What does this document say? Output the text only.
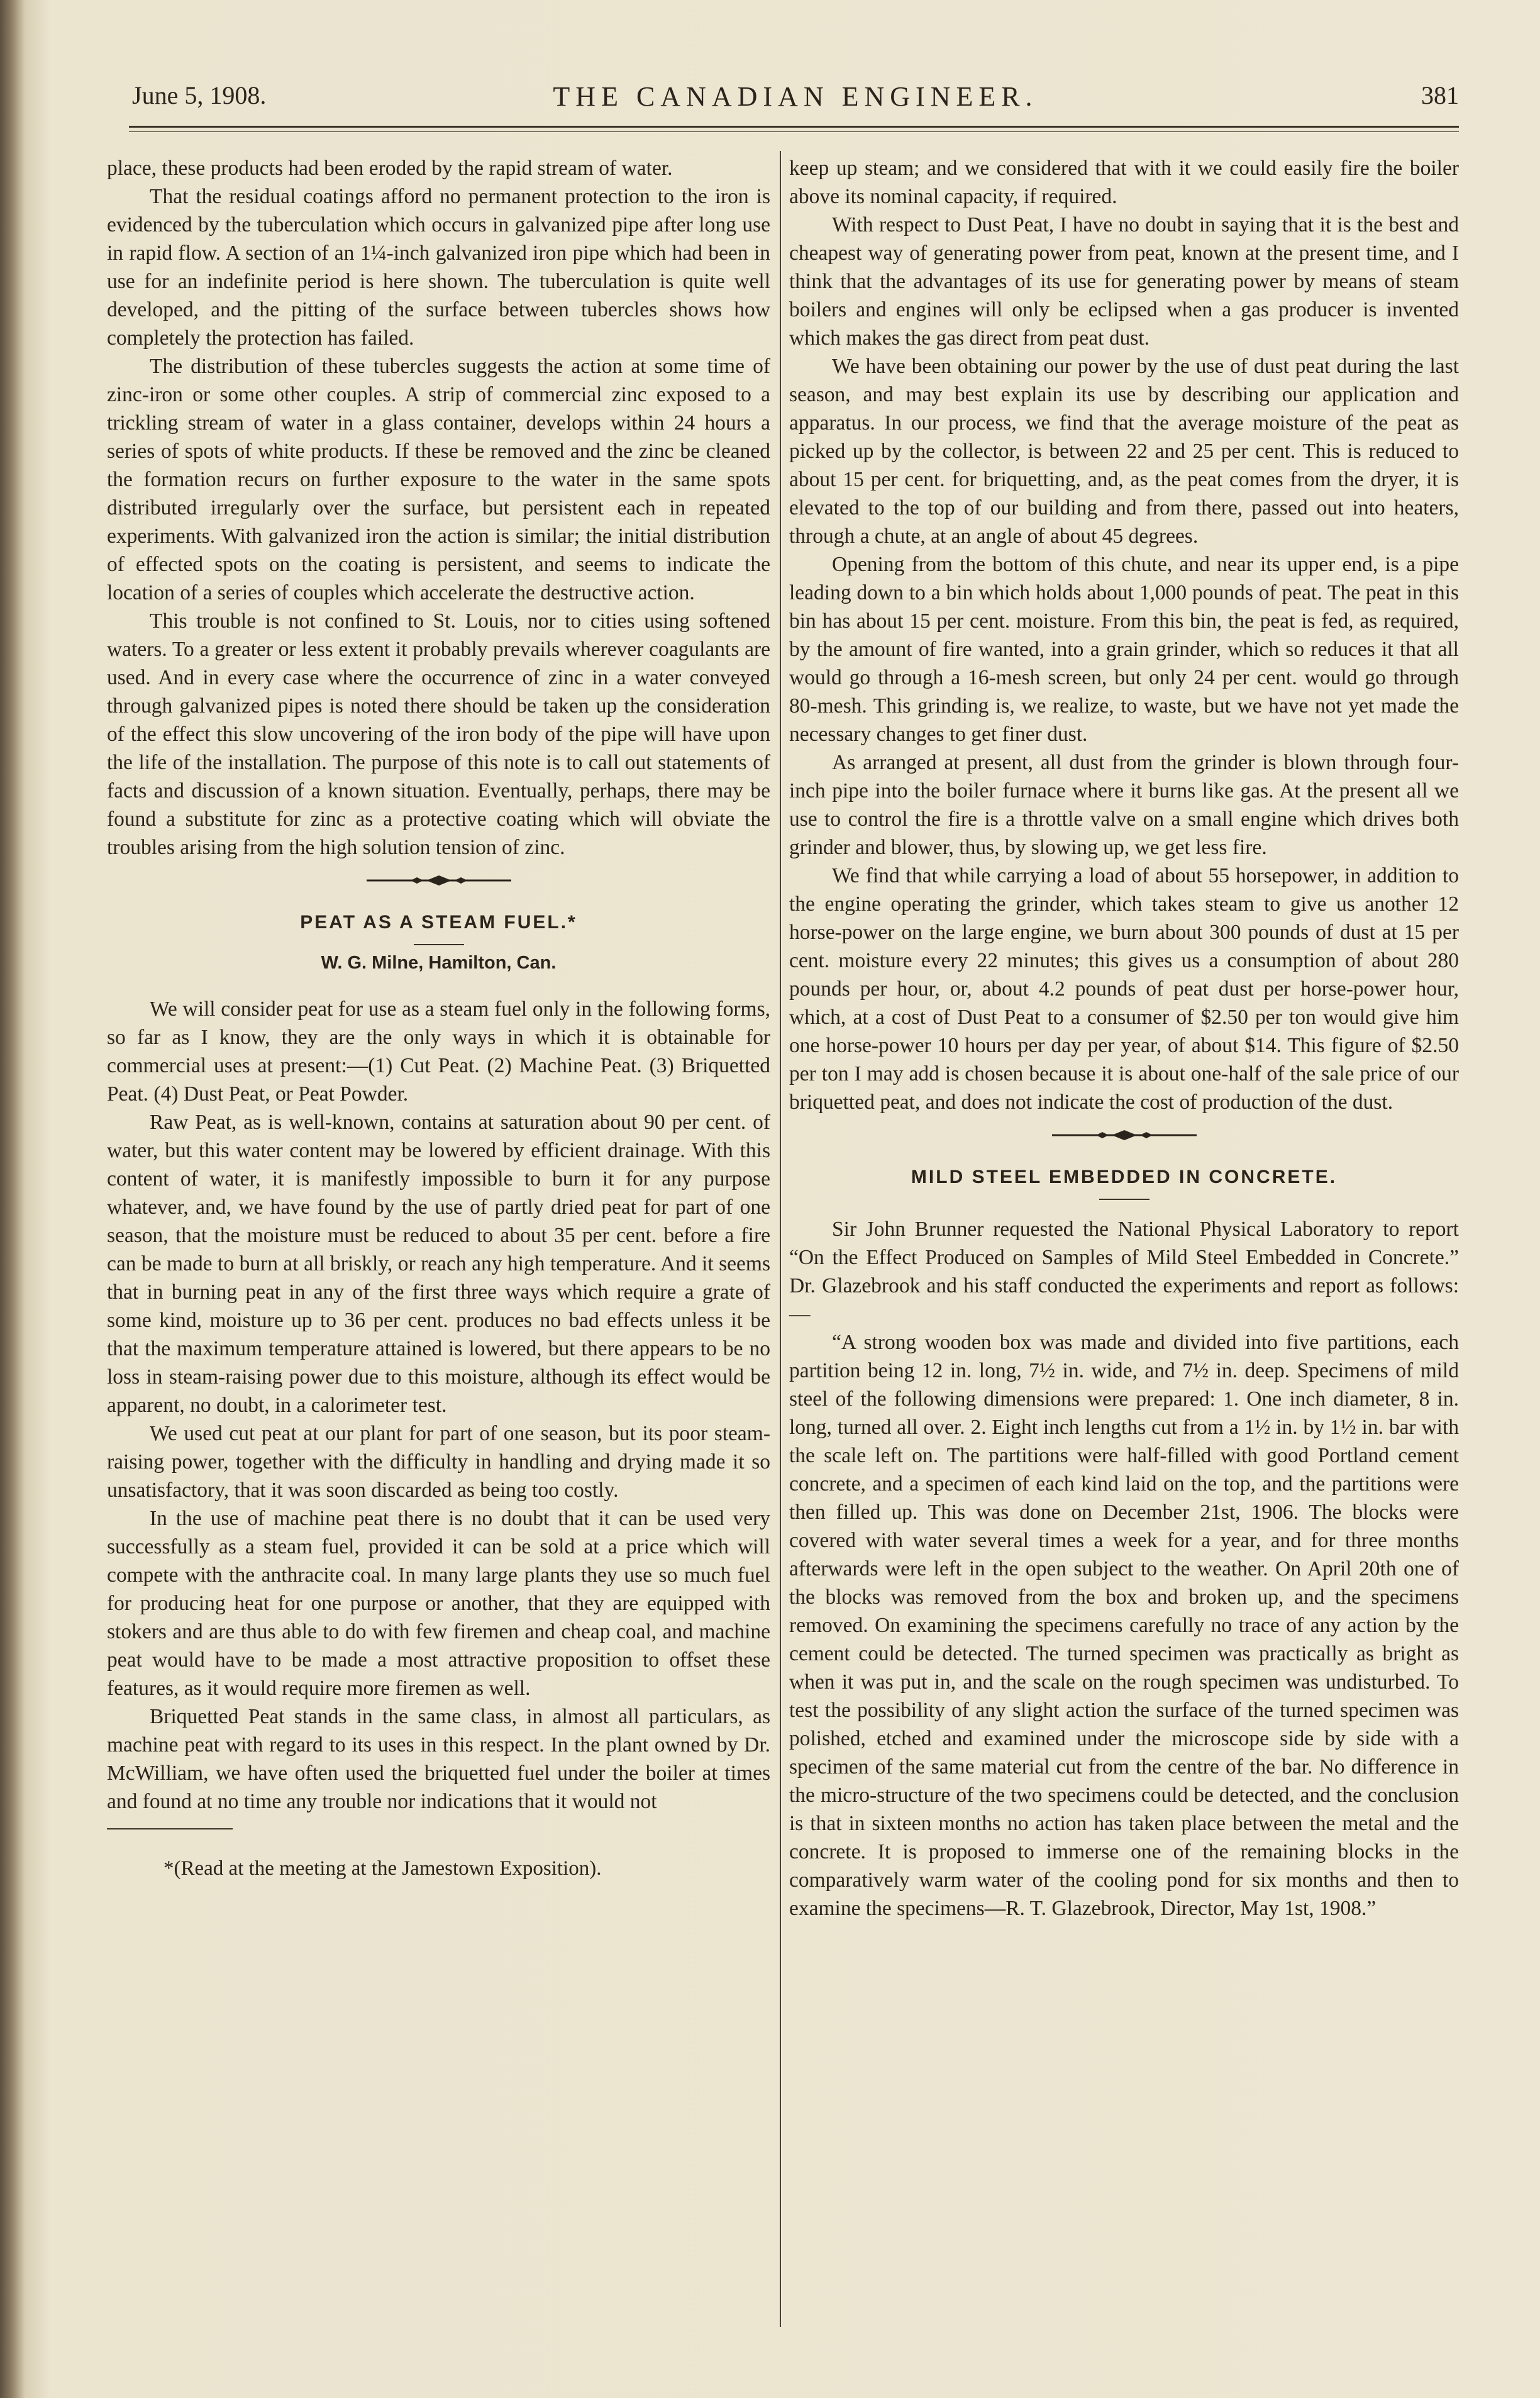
June 5, 1908.	THE CANADIAN ENGINEER.	381

place, these products had been eroded by the rapid stream of water.

That the residual coatings afford no permanent protection to the iron is evidenced by the tuberculation which occurs in galvanized pipe after long use in rapid flow. A section of an 1¼-inch galvanized iron pipe which had been in use for an indefinite period is here shown. The tuberculation is quite well developed, and the pitting of the surface between tubercles shows how completely the protection has failed.

The distribution of these tubercles suggests the action at some time of zinc-iron or some other couples. A strip of commercial zinc exposed to a trickling stream of water in a glass container, develops within 24 hours a series of spots of white products. If these be removed and the zinc be cleaned the formation recurs on further exposure to the water in the same spots distributed irregularly over the surface, but persistent each in repeated experiments. With galvanized iron the action is similar; the initial distribution of effected spots on the coating is persistent, and seems to indicate the location of a series of couples which accelerate the destructive action.

This trouble is not confined to St. Louis, nor to cities using softened waters. To a greater or less extent it probably prevails wherever coagulants are used. And in every case where the occurrence of zinc in a water conveyed through galvanized pipes is noted there should be taken up the consideration of the effect this slow uncovering of the iron body of the pipe will have upon the life of the installation. The purpose of this note is to call out statements of facts and discussion of a known situation. Eventually, perhaps, there may be found a substitute for zinc as a protective coating which will obviate the troubles arising from the high solution tension of zinc.

PEAT AS A STEAM FUEL.*
W. G. Milne, Hamilton, Can.

We will consider peat for use as a steam fuel only in the following forms, so far as I know, they are the only ways in which it is obtainable for commercial uses at present:—(1) Cut Peat. (2) Machine Peat. (3) Briquetted Peat. (4) Dust Peat, or Peat Powder.

Raw Peat, as is well-known, contains at saturation about 90 per cent. of water, but this water content may be lowered by efficient drainage. With this content of water, it is manifestly impossible to burn it for any purpose whatever, and, we have found by the use of partly dried peat for part of one season, that the moisture must be reduced to about 35 per cent. before a fire can be made to burn at all briskly, or reach any high temperature. And it seems that in burning peat in any of the first three ways which require a grate of some kind, moisture up to 36 per cent. produces no bad effects unless it be that the maximum temperature attained is lowered, but there appears to be no loss in steam-raising power due to this moisture, although its effect would be apparent, no doubt, in a calorimeter test.

We used cut peat at our plant for part of one season, but its poor steam-raising power, together with the difficulty in handling and drying made it so unsatisfactory, that it was soon discarded as being too costly.

In the use of machine peat there is no doubt that it can be used very successfully as a steam fuel, provided it can be sold at a price which will compete with the anthracite coal. In many large plants they use so much fuel for producing heat for one purpose or another, that they are equipped with stokers and are thus able to do with few firemen and cheap coal, and machine peat would have to be made a most attractive proposition to offset these features, as it would require more firemen as well.

Briquetted Peat stands in the same class, in almost all particulars, as machine peat with regard to its uses in this respect. In the plant owned by Dr. McWilliam, we have often used the briquetted fuel under the boiler at times and found at no time any trouble nor indications that it would not

*(Read at the meeting at the Jamestown Exposition).

keep up steam; and we considered that with it we could easily fire the boiler above its nominal capacity, if required.

With respect to Dust Peat, I have no doubt in saying that it is the best and cheapest way of generating power from peat, known at the present time, and I think that the advantages of its use for generating power by means of steam boilers and engines will only be eclipsed when a gas producer is invented which makes the gas direct from peat dust.

We have been obtaining our power by the use of dust peat during the last season, and may best explain its use by describing our application and apparatus. In our process, we find that the average moisture of the peat as picked up by the collector, is between 22 and 25 per cent. This is reduced to about 15 per cent. for briquetting, and, as the peat comes from the dryer, it is elevated to the top of our building and from there, passed out into heaters, through a chute, at an angle of about 45 degrees.

Opening from the bottom of this chute, and near its upper end, is a pipe leading down to a bin which holds about 1,000 pounds of peat. The peat in this bin has about 15 per cent. moisture. From this bin, the peat is fed, as required, by the amount of fire wanted, into a grain grinder, which so reduces it that all would go through a 16-mesh screen, but only 24 per cent. would go through 80-mesh. This grinding is, we realize, to waste, but we have not yet made the necessary changes to get finer dust.

As arranged at present, all dust from the grinder is blown through four-inch pipe into the boiler furnace where it burns like gas. At the present all we use to control the fire is a throttle valve on a small engine which drives both grinder and blower, thus, by slowing up, we get less fire.

We find that while carrying a load of about 55 horsepower, in addition to the engine operating the grinder, which takes steam to give us another 12 horse-power on the large engine, we burn about 300 pounds of dust at 15 per cent. moisture every 22 minutes; this gives us a consumption of about 280 pounds per hour, or, about 4.2 pounds of peat dust per horse-power hour, which, at a cost of Dust Peat to a consumer of $2.50 per ton would give him one horse-power 10 hours per day per year, of about $14. This figure of $2.50 per ton I may add is chosen because it is about one-half of the sale price of our briquetted peat, and does not indicate the cost of production of the dust.

MILD STEEL EMBEDDED IN CONCRETE.

Sir John Brunner requested the National Physical Laboratory to report “On the Effect Produced on Samples of Mild Steel Embedded in Concrete.” Dr. Glazebrook and his staff conducted the experiments and report as follows:—

“A strong wooden box was made and divided into five partitions, each partition being 12 in. long, 7½ in. wide, and 7½ in. deep. Specimens of mild steel of the following dimensions were prepared: 1. One inch diameter, 8 in. long, turned all over. 2. Eight inch lengths cut from a 1½ in. by 1½ in. bar with the scale left on. The partitions were half-filled with good Portland cement concrete, and a specimen of each kind laid on the top, and the partitions were then filled up. This was done on December 21st, 1906. The blocks were covered with water several times a week for a year, and for three months afterwards were left in the open subject to the weather. On April 20th one of the blocks was removed from the box and broken up, and the specimens removed. On examining the specimens carefully no trace of any action by the cement could be detected. The turned specimen was practically as bright as when it was put in, and the scale on the rough specimen was undisturbed. To test the possibility of any slight action the surface of the turned specimen was polished, etched and examined under the microscope side by side with a specimen of the same material cut from the centre of the bar. No difference in the micro-structure of the two specimens could be detected, and the conclusion is that in sixteen months no action has taken place between the metal and the concrete. It is proposed to immerse one of the remaining blocks in the comparatively warm water of the cooling pond for six months and then to examine the specimens—R. T. Glazebrook, Director, May 1st, 1908.”
